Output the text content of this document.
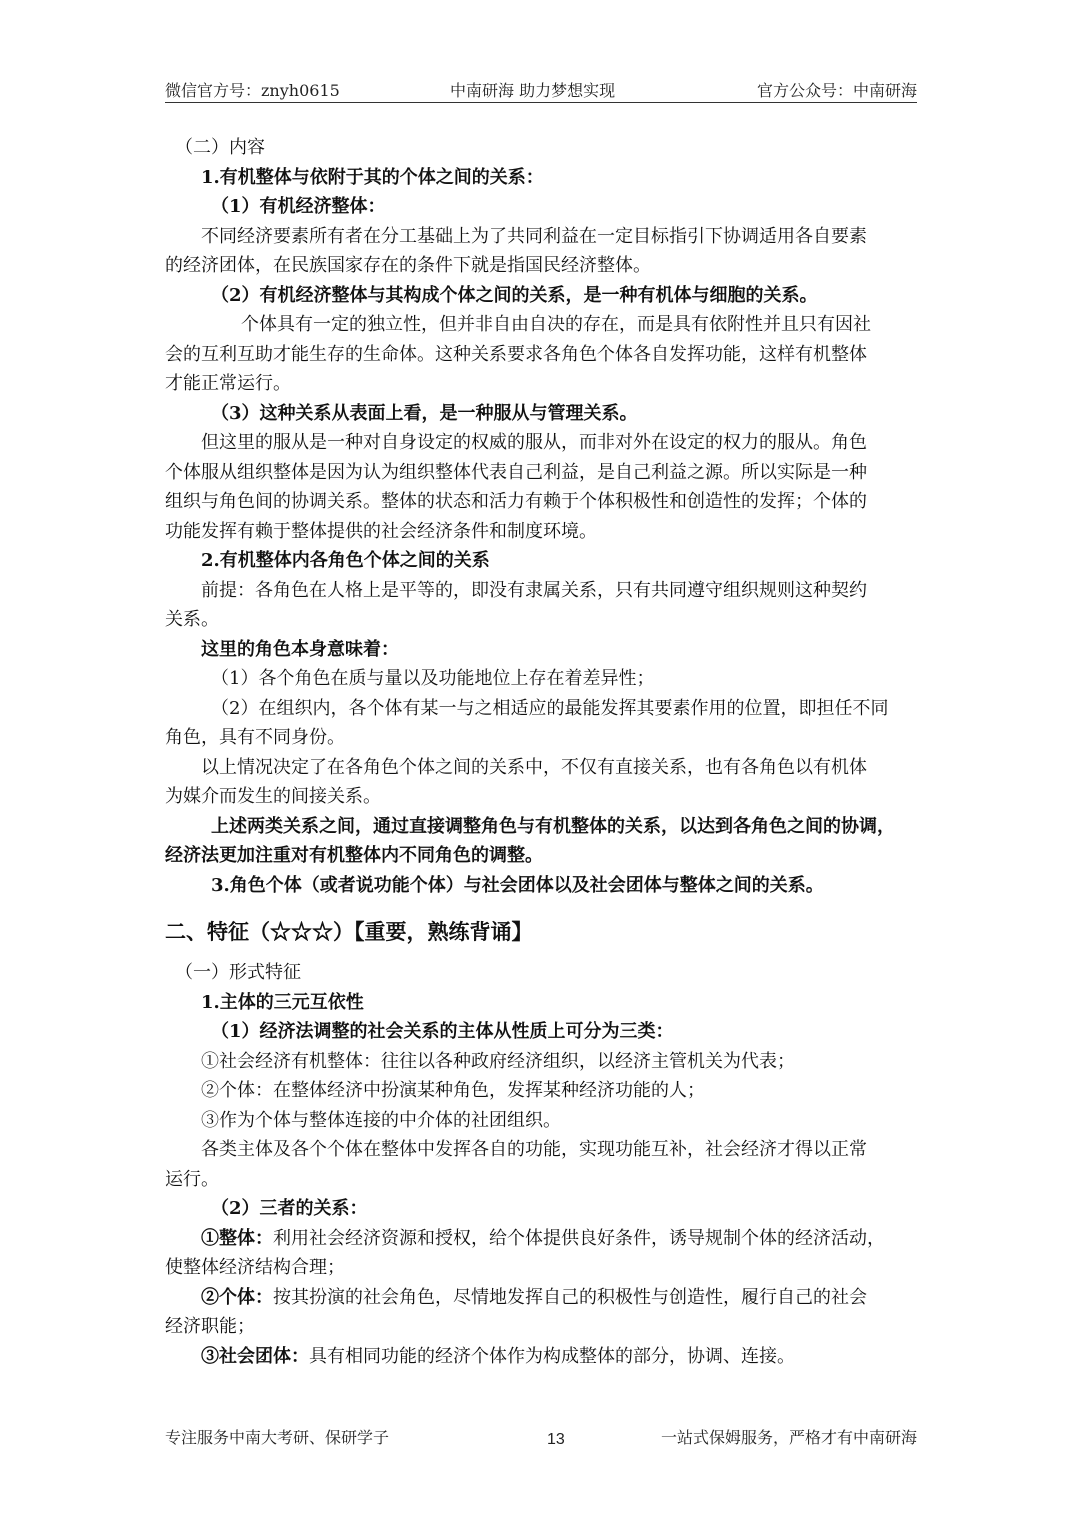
微信官方号：znyh0615	中南研海 助力梦想实现	官方公众号：中南研海
（二）内容
1.有机整体与依附于其的个体之间的关系：
（1）有机经济整体：
不同经济要素所有者在分工基础上为了共同利益在一定目标指引下协调适用各自要素
的经济团体，在民族国家存在的条件下就是指国民经济整体。
（2）有机经济整体与其构成个体之间的关系，是一种有机体与细胞的关系。
个体具有一定的独立性，但并非自由自决的存在，而是具有依附性并且只有因社
会的互利互助才能生存的生命体。这种关系要求各角色个体各自发挥功能，这样有机整体
才能正常运行。
（3）这种关系从表面上看，是一种服从与管理关系。
但这里的服从是一种对自身设定的权威的服从，而非对外在设定的权力的服从。角色
个体服从组织整体是因为认为组织整体代表自己利益，是自己利益之源。所以实际是一种
组织与角色间的协调关系。整体的状态和活力有赖于个体积极性和创造性的发挥；个体的
功能发挥有赖于整体提供的社会经济条件和制度环境。
2.有机整体内各角色个体之间的关系
前提：各角色在人格上是平等的，即没有隶属关系，只有共同遵守组织规则这种契约
关系。
这里的角色本身意味着：
（1）各个角色在质与量以及功能地位上存在着差异性；
（2）在组织内，各个体有某一与之相适应的最能发挥其要素作用的位置，即担任不同
角色，具有不同身份。
以上情况决定了在各角色个体之间的关系中，不仅有直接关系，也有各角色以有机体
为媒介而发生的间接关系。
上述两类关系之间，通过直接调整角色与有机整体的关系，以达到各角色之间的协调，
经济法更加注重对有机整体内不同角色的调整。
3.角色个体（或者说功能个体）与社会团体以及社会团体与整体之间的关系。
二、特征（☆☆☆）【重要，熟练背诵】
（一）形式特征
1.主体的三元互依性
（1）经济法调整的社会关系的主体从性质上可分为三类：
①社会经济有机整体：往往以各种政府经济组织，以经济主管机关为代表；
②个体：在整体经济中扮演某种角色，发挥某种经济功能的人；
③作为个体与整体连接的中介体的社团组织。
各类主体及各个个体在整体中发挥各自的功能，实现功能互补，社会经济才得以正常
运行。
（2）三者的关系：
①整体：利用社会经济资源和授权，给个体提供良好条件，诱导规制个体的经济活动，
使整体经济结构合理；
②个体：按其扮演的社会角色，尽情地发挥自己的积极性与创造性，履行自己的社会
经济职能；
③社会团体：具有相同功能的经济个体作为构成整体的部分，协调、连接。
专注服务中南大考研、保研学子	13	一站式保姆服务，严格才有中南研海
